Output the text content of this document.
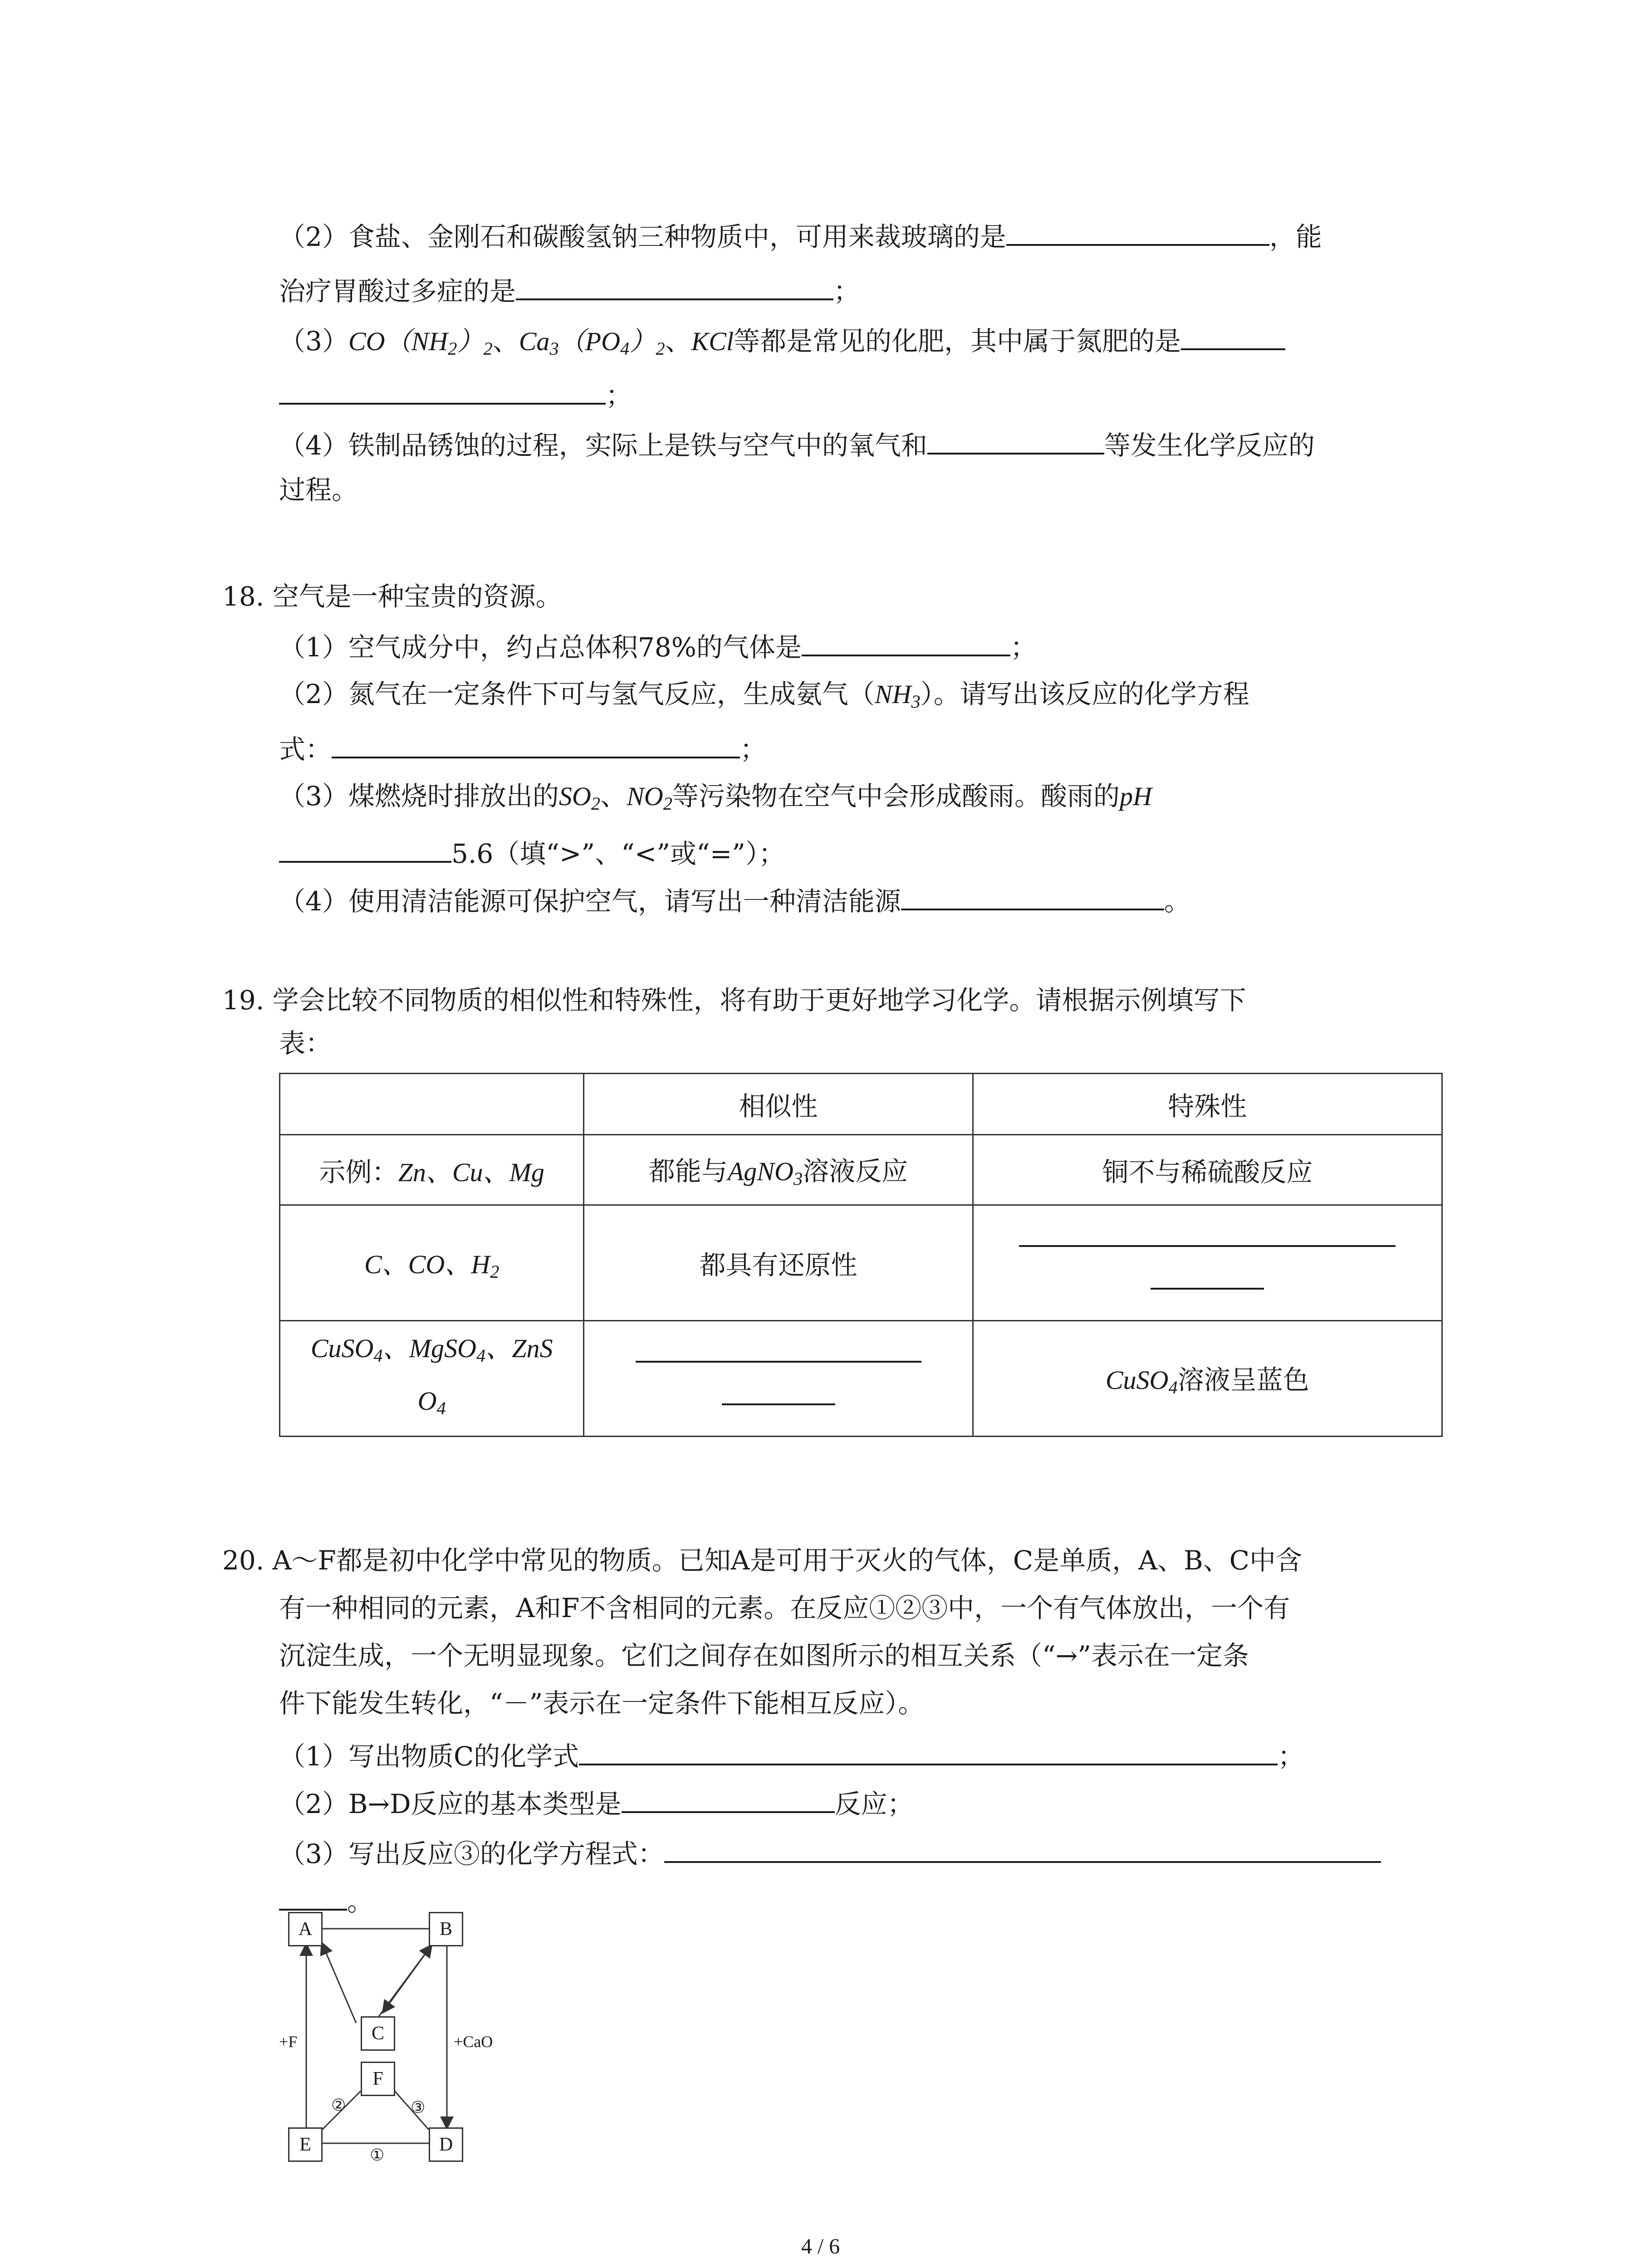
（2）食盐、金刚石和碳酸氢钠三种物质中，可用来裁玻璃的是	，能
治疗胃酸过多症的是	；
$(3)CO(NH_2)_2$、$Ca_3(PO_4)_2$、KCl等都是常见的化肥，其中属于氮肥的是
；
（4）铁制品锈蚀的过程，实际上是铁与空气中的氧气和	等发生化学反应的
过程。
18. 空气是一种宝贵的资源。
（1）空气成分中，约占总体积78%的气体是	；
（2）氮气在一定条件下可与氢气反应，生成氨气$(NH_3)$。请写出该反应的化学方程
式：	；
（3）煤燃烧时排放出的$SO_2$、$NO_2$等污染物在空气中会形成酸雨。酸雨的pH
5.6（填“>”、“<”或“=”）；
（4）使用清洁能源可保护空气，请写出一种清洁能源	。
19. 学会比较不同物质的相似性和特殊性，将有助于更好地学习化学。请根据示例填写下
表：
	相似性	特殊性
示例：Zn、Cu、Mg	都能与AgNO$_3$溶液反应	铜不与稀硫酸反应
C、CO、$H_2$	都具有还原性	

CuSO$_4$、MgSO$_4$、ZnS
$O_4$		CuSO$_4$溶液呈蓝色
20. A～F都是初中化学中常见的物质。已知A是可用于灭火的气体，C是单质，A、B、C中含
有一种相同的元素，A和F不含相同的元素。在反应①②③中，一个有气体放出，一个有
沉淀生成，一个无明显现象。它们之间存在如图所示的相互关系（“→”表示在一定条
件下能发生转化，“－”表示在一定条件下能相互反应）。
（1）写出物质C的化学式	；
（2）B→D反应的基本类型是	反应；
（3）写出反应③的化学方程式：
。
A	B
C
F
E	D
+F	+CaO
②	③
①
4 / 6
